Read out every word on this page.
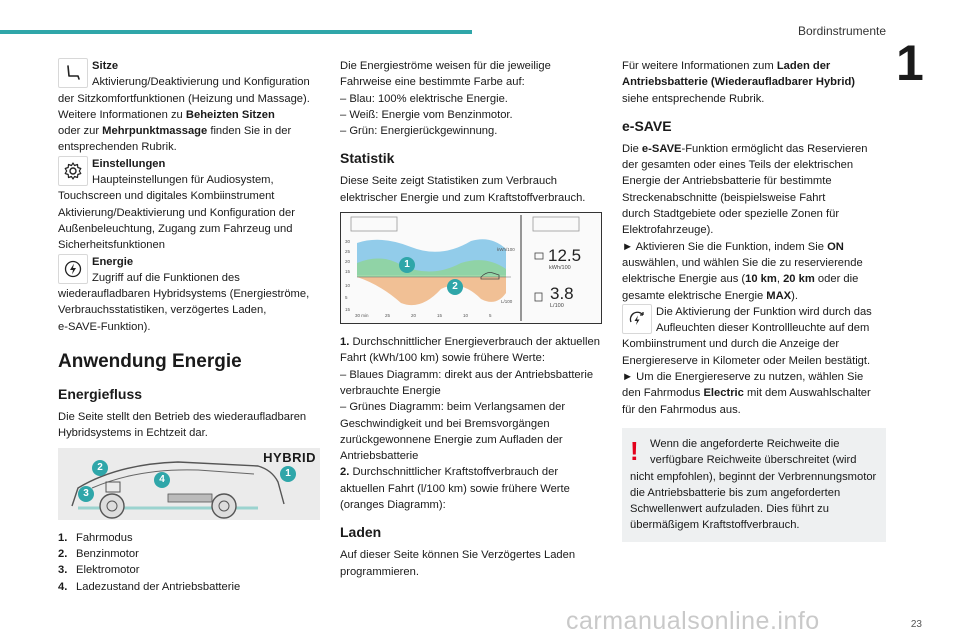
Bordinstrumente
1

Sitze

Aktivierung/Deaktivierung und Konfiguration

der Sitzkomfortfunktionen (Heizung und Massage).

Weitere Informationen zu Beheizten Sitzen

oder zur Mehrpunktmassage finden Sie in der

entsprechenden Rubrik.

Einstellungen

Haupteinstellungen für Audiosystem,

Touchscreen und digitales Kombiinstrument

Aktivierung/Deaktivierung und Konfiguration der

Außenbeleuchtung, Zugang zum Fahrzeug und

Sicherheitsfunktionen

Energie

Zugriff auf die Funktionen des

wiederaufladbaren Hybridsystems (Energieströme,

Verbrauchsstatistiken, verzögertes Laden,

e-SAVE-Funktion).

Anwendung Energie
Energiefluss

Die Seite stellt den Betrieb des wiederaufladbaren

Hybridsystems in Echtzeit dar.

HYBRID
1
2
3
4
1. Fahrmodus
2. Benzinmotor
3. Elektromotor
4. Ladezustand der Antriebsbatterie

Die Energieströme weisen für die jeweilige

Fahrweise eine bestimmte Farbe auf:

– Blau: 100% elektrische Energie.

– Weiß: Energie vom Benzinmotor.

– Grün: Energierückgewinnung.

Statistik

Diese Seite zeigt Statistiken zum Verbrauch

elektrischer Energie und zum Kraftstoffverbrauch.

30
25
20
15
10
5
15
30 min	25	20	15	10	5
kWh/100
L/100
12.5
kWh/100
3.8
L/100
1
2

1. Durchschnittlicher Energieverbrauch der aktuellen

Fahrt (kWh/100 km) sowie frühere Werte:

– Blaues Diagramm: direkt aus der Antriebsbatterie

verbrauchte Energie

– Grünes Diagramm: beim Verlangsamen der

Geschwindigkeit und bei Bremsvorgängen

zurückgewonnene Energie zum Aufladen der

Antriebsbatterie

2. Durchschnittlicher Kraftstoffverbrauch der

aktuellen Fahrt (l/100 km) sowie frühere Werte

(oranges Diagramm):

Laden

Auf dieser Seite können Sie Verzögertes Laden

programmieren.

Für weitere Informationen zum Laden der

Antriebsbatterie (Wiederaufladbarer Hybrid)

siehe entsprechende Rubrik.

e-SAVE

Die e-SAVE-Funktion ermöglicht das Reservieren

der gesamten oder eines Teils der elektrischen

Energie der Antriebsbatterie für bestimmte

Streckenabschnitte (beispielsweise Fahrt

durch Stadtgebiete oder spezielle Zonen für

Elektrofahrzeuge).

► Aktivieren Sie die Funktion, indem Sie ON

auswählen, und wählen Sie die zu reservierende

elektrische Energie aus (10 km, 20 km oder die

gesamte elektrische Energie MAX).

Die Aktivierung der Funktion wird durch das

Aufleuchten dieser Kontrollleuchte auf dem

Kombiinstrument und durch die Anzeige der

Energiereserve in Kilometer oder Meilen bestätigt.

► Um die Energiereserve zu nutzen, wählen Sie

den Fahrmodus Electric mit dem Auswahlschalter

für den Fahrmodus aus.

!	Wenn die angeforderte Reichweite die

verfügbare Reichweite überschreitet (wird

nicht empfohlen), beginnt der Verbrennungsmotor

die Antriebsbatterie bis zum angeforderten

Schwellenwert aufzuladen. Dies führt zu

übermäßigem Kraftstoffverbrauch.

23
carmanualsonline.info
